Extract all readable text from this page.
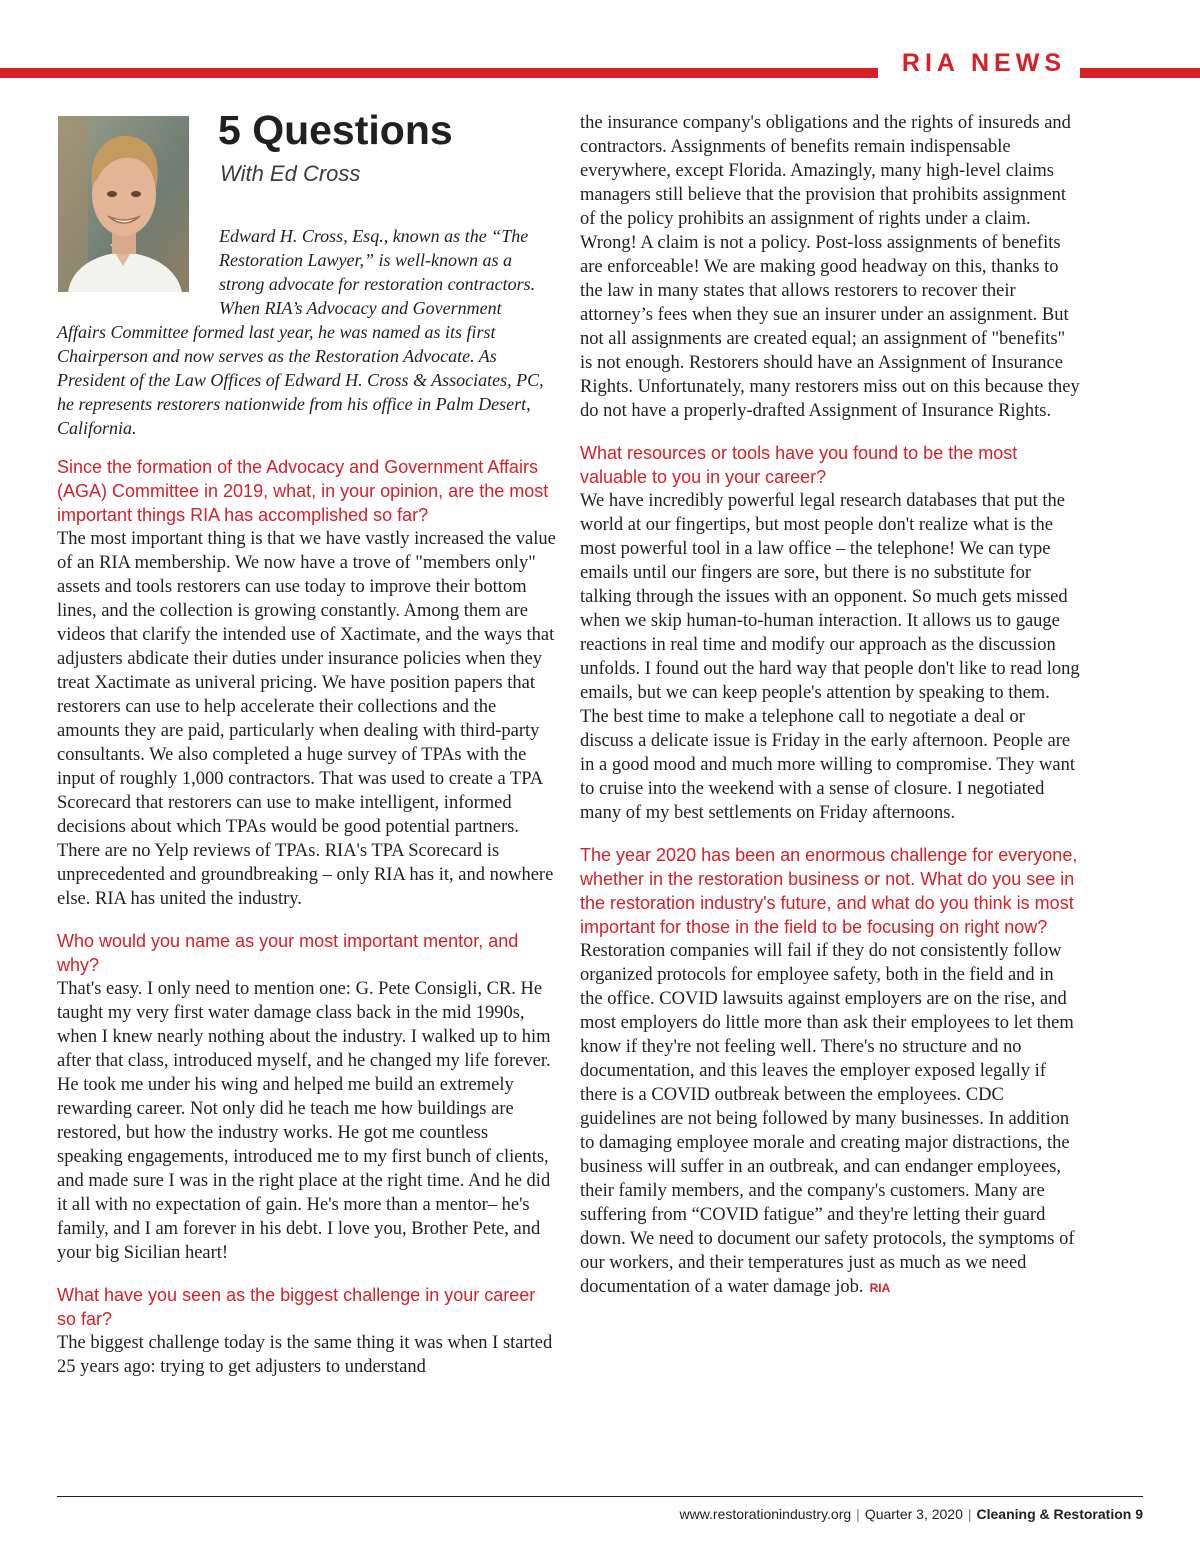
RIA NEWS
5 Questions
With Ed Cross

Edward H. Cross, Esq., known as the “The Restoration Lawyer,” is well-known as a strong advocate for restoration contractors. When RIA’s Advocacy and Government

Affairs Committee formed last year, he was named as its first Chairperson and now serves as the Restoration Advocate. As President of the Law Offices of Edward H. Cross & Associates, PC, he represents restorers nationwide from his office in Palm Desert, California.

Since the formation of the Advocacy and Government Affairs (AGA) Committee in 2019, what, in your opinion, are the most important things RIA has accomplished so far?

The most important thing is that we have vastly increased the value of an RIA membership. We now have a trove of "members only" assets and tools restorers can use today to improve their bottom lines, and the collection is growing constantly. Among them are videos that clarify the intended use of Xactimate, and the ways that adjusters abdicate their duties under insurance policies when they treat Xactimate as univeral pricing. We have position papers that restorers can use to help accelerate their collections and the amounts they are paid, particularly when dealing with third-party consultants. We also completed a huge survey of TPAs with the input of roughly 1,000 contractors. That was used to create a TPA Scorecard that restorers can use to make intelligent, informed decisions about which TPAs would be good potential partners. There are no Yelp reviews of TPAs. RIA's TPA Scorecard is unprecedented and groundbreaking – only RIA has it, and nowhere else. RIA has united the industry.

Who would you name as your most important mentor, and why?

That's easy. I only need to mention one: G. Pete Consigli, CR. He taught my very first water damage class back in the mid 1990s, when I knew nearly nothing about the industry. I walked up to him after that class, introduced myself, and he changed my life forever. He took me under his wing and helped me build an extremely rewarding career. Not only did he teach me how buildings are restored, but how the industry works. He got me countless speaking engagements, introduced me to my first bunch of clients, and made sure I was in the right place at the right time. And he did it all with no expectation of gain. He's more than a mentor– he's family, and I am forever in his debt. I love you, Brother Pete, and your big Sicilian heart!

What have you seen as the biggest challenge in your career so far?

The biggest challenge today is the same thing it was when I started 25 years ago: trying to get adjusters to understand

the insurance company's obligations and the rights of insureds and contractors. Assignments of benefits remain indispensable everywhere, except Florida. Amazingly, many high-level claims managers still believe that the provision that prohibits assignment of the policy prohibits an assignment of rights under a claim. Wrong! A claim is not a policy. Post-loss assignments of benefits are enforceable! We are making good headway on this, thanks to the law in many states that allows restorers to recover their attorney’s fees when they sue an insurer under an assignment. But not all assignments are created equal; an assignment of "benefits" is not enough. Restorers should have an Assignment of Insurance Rights. Unfortunately, many restorers miss out on this because they do not have a properly-drafted Assignment of Insurance Rights.

What resources or tools have you found to be the most valuable to you in your career?

We have incredibly powerful legal research databases that put the world at our fingertips, but most people don't realize what is the most powerful tool in a law office – the telephone! We can type emails until our fingers are sore, but there is no substitute for talking through the issues with an opponent. So much gets missed when we skip human-to-human interaction. It allows us to gauge reactions in real time and modify our approach as the discussion unfolds. I found out the hard way that people don't like to read long emails, but we can keep people's attention by speaking to them. The best time to make a telephone call to negotiate a deal or discuss a delicate issue is Friday in the early afternoon. People are in a good mood and much more willing to compromise. They want to cruise into the weekend with a sense of closure. I negotiated many of my best settlements on Friday afternoons.

The year 2020 has been an enormous challenge for everyone, whether in the restoration business or not. What do you see in the restoration industry's future, and what do you think is most important for those in the field to be focusing on right now?

Restoration companies will fail if they do not consistently follow organized protocols for employee safety, both in the field and in the office. COVID lawsuits against employers are on the rise, and most employers do little more than ask their employees to let them know if they're not feeling well. There's no structure and no documentation, and this leaves the employer exposed legally if there is a COVID outbreak between the employees. CDC guidelines are not being followed by many businesses. In addition to damaging employee morale and creating major distractions, the business will suffer in an outbreak, and can endanger employees, their family members, and the company's customers. Many are suffering from “COVID fatigue” and they're letting their guard down. We need to document our safety protocols, the symptoms of our workers, and their temperatures just as much as we need documentation of a water damage job. RIA

www.restorationindustry.org | Quarter 3, 2020 | Cleaning & Restoration 9
